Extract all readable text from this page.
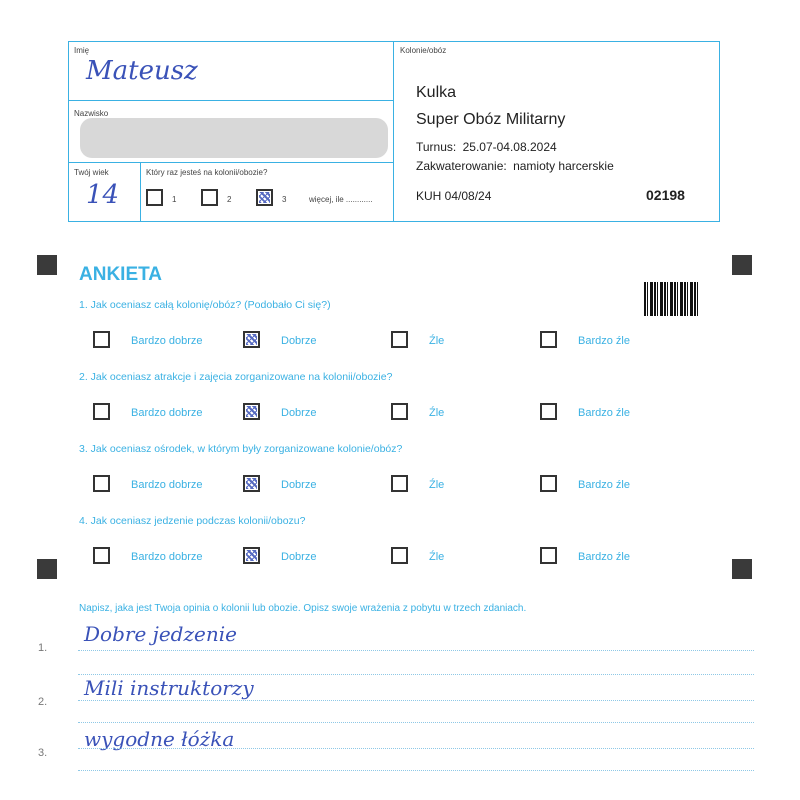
Imię
Mateusz
Nazwisko
Twój wiek
14
Który raz jesteś na kolonii/obozie?
1	2	3	więcej, ile ............
Kolonie/obóz
Kulka
Super Obóz Militarny
Turnus: 25.07-04.08.2024
Zakwaterowanie: namioty harcerskie
KUH 04/08/24	02198
ANKIETA
1. Jak oceniasz całą kolonię/obóz? (Podobało Ci się?)
Bardzo dobrze	Dobrze	Źle	Bardzo źle
2. Jak oceniasz atrakcje i zajęcia zorganizowane na kolonii/obozie?
Bardzo dobrze	Dobrze	Źle	Bardzo źle
3. Jak oceniasz ośrodek, w którym były zorganizowane kolonie/obóz?
Bardzo dobrze	Dobrze	Źle	Bardzo źle
4. Jak oceniasz jedzenie podczas kolonii/obozu?
Bardzo dobrze	Dobrze	Źle	Bardzo źle
Napisz, jaka jest Twoja opinia o kolonii lub obozie. Opisz swoje wrażenia z pobytu w trzech zdaniach.
1.
Dobre jedzenie
2.
Mili instruktorzy
3.
wygodne łóżka
